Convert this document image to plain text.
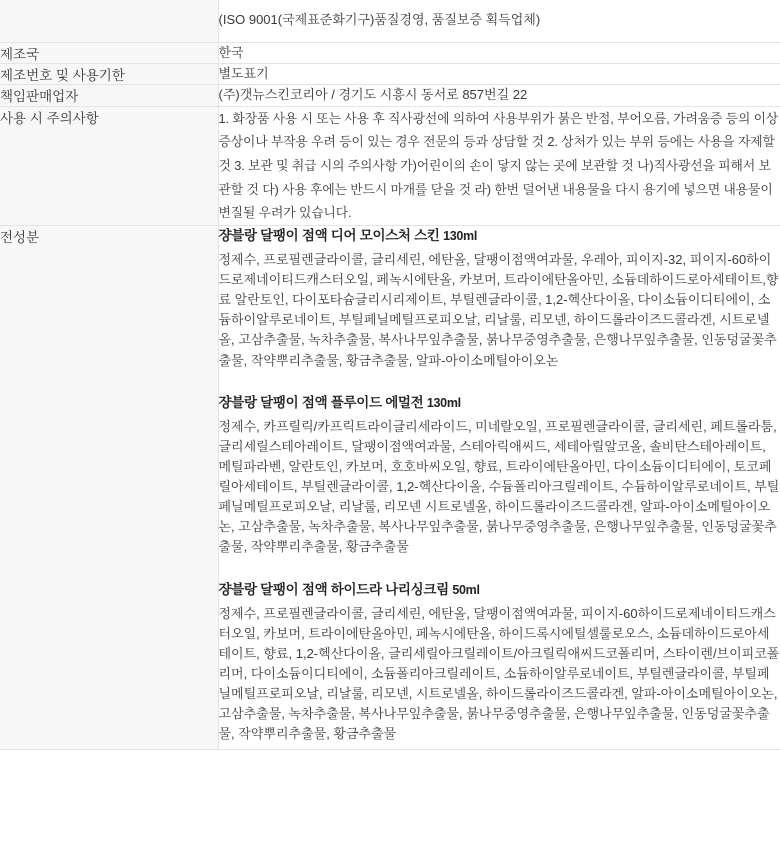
	(ISO 9001(국제표준화기구)품질경영, 품질보증 획득업체)
제조국	한국
제조번호 및 사용기한	별도표기
책임판매업자	(주)갯뉴스킨코리아 / 경기도 시흥시 동서로 857번길 22
사용 시 주의사항	1. 화장품 사용 시 또는 사용 후 직사광선에 의하여 사용부위가 붉은 반점, 부어오름, 가려움증 등의 이상 증상이나 부작용 우려 등이 있는 경우 전문의 등과 상담할 것 2. 상처가 있는 부위 등에는 사용을 자제할 것 3. 보관 및 취급 시의 주의사항 가)어린이의 손이 닿지 않는 곳에 보관할 것 나)직사광선을 피해서 보관할 것 다) 사용 후에는 반드시 마개를 닫을 것 라) 한번 덜어낸 내용물을 다시 용기에 넣으면 내용물이 변질될 우려가 있습니다.

전성분	쟝블랑 달팽이 점액 디어 모이스처 스킨 130ml

정제수, 프로필렌글라이콜, 글리세린, 에탄올, 달팽이점액여과물, 우레아, 피이지-32, 피이지-60하이드로제네이티드캐스터오일, 페녹시에탄올, 카보머, 트라이에탄올아민, 소듐데하이드로아세테이트,향료 알란토인, 다이포타슘글리시리제이트, 부틸렌글라이콜, 1,2-헥산다이올, 다이소듐이디티에이, 소듐하이알루로네이트, 부틸페닐메틸프로피오날, 리날룰, 리모넨, 하이드롤라이즈드콜라겐, 시트로넬올, 고삼추출물, 녹차추출물, 복사나무잎추출물, 붉나무중영추출물, 은행나무잎추출물, 인동덩굴꽃추출물, 작약뿌리추출물, 황금추출물, 알파-아이소메틸아이오논

쟝블랑 달팽이 점액 플루이드 에멀전 130ml

정제수, 카프릴릭/카프릭트라이글리세라이드, 미네랄오일, 프로필렌글라이콜, 글리세린, 페트롤라툼, 글리세릴스테아레이트, 달팽이점액여과물, 스테아릭애씨드, 세테아릴알코올, 솔비탄스테아레이트, 메틸파라벤, 알란토인, 카보머, 호호바씨오일, 향료, 트라이에탄올아민, 다이소듐이디티에이, 토코페릴아세테이트, 부틸렌글라이콜, 1,2-헥산다이올, 수듐폴리아크릴레이트, 수듐하이알루로네이트, 부틸페닐메틸프로피오날, 리날룰, 리모넨 시트로넬올, 하이드롤라이즈드콜라겐, 알파-아이소메틸아이오논, 고삼추출물, 녹차추출물, 복사나무잎추출물, 붉나무중영추출물, 은행나무잎추출물, 인동덩굴꽃추출물, 작약뿌리추출물, 황금추출물

쟝블랑 달팽이 점액 하이드라 나리싱크림 50ml

정제수, 프로필렌글라이콜, 글리세린, 에탄올, 달팽이점액여과물, 피이지-60하이드로제네이티드캐스터오일, 카보머, 트라이에탄올아민, 페녹시에탄올, 하이드록시에틸셀룰로오스, 소듐데하이드로아세테이트, 향료, 1,2-헥산다이올, 글리세릴아크릴레이트/아크릴릭애씨드코폴리머, 스타이렌/브이피코폴리머, 다이소듐이디티에이, 소듐폴리아크릴레이트, 소듐하이알루로네이트, 부틸렌글라이콜, 부틸페닐메틸프로피오날, 리날룰, 리모넨, 시트로넬올, 하이드롤라이즈드콜라겐, 알파-아이소메틸아이오논, 고삼추출물, 녹차추출물, 복사나무잎추출물, 붉나무중영추출물, 은행나무잎추출물, 인동덩굴꽃추출물, 작약뿌리추출물, 황금추출물
